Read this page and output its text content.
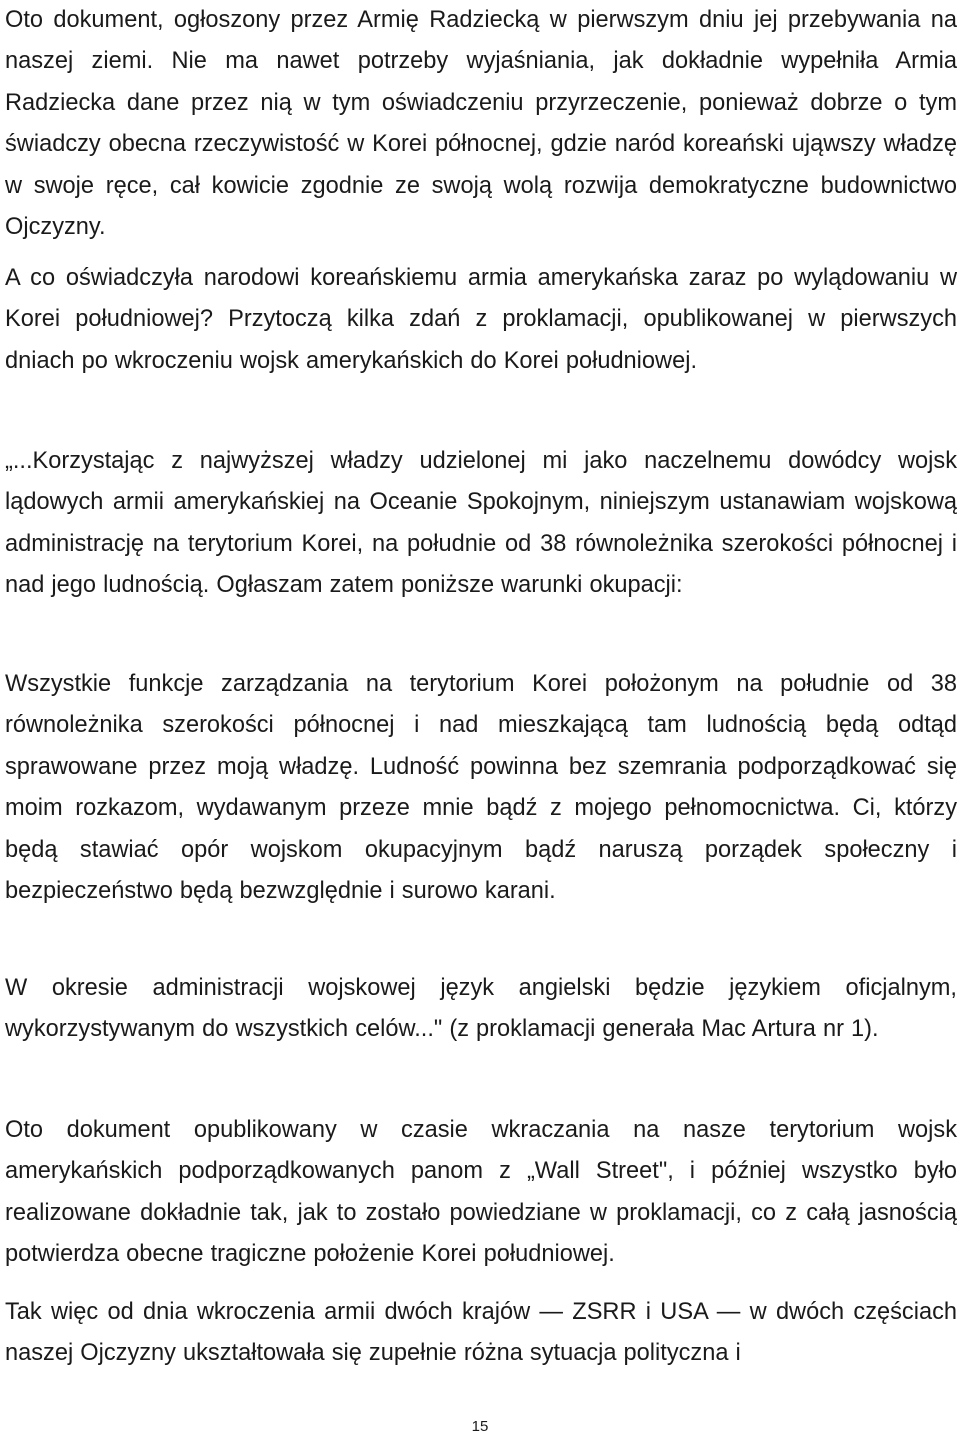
Oto dokument, ogłoszony przez Armię Radziecką w pierwszym dniu jej przebywania na naszej ziemi. Nie ma nawet potrzeby wyjaśniania, jak dokładnie wypełniła Armia Radziecka dane przez nią w tym oświadczeniu przyrzeczenie, ponieważ dobrze o tym świadczy obecna rzeczywistość w Korei północnej, gdzie naród koreański ująwszy władzę w swoje ręce, cał kowicie zgodnie ze swoją wolą rozwija demokratyczne budownictwo Ojczyzny.

A co oświadczyła narodowi koreańskiemu armia amerykańska zaraz po wylądowaniu w Korei południowej? Przytoczą kilka zdań z proklamacji, opublikowanej w pierwszych dniach po wkroczeniu wojsk amerykańskich do Korei południowej.

„...Korzystając z najwyższej władzy udzielonej mi jako naczelnemu dowódcy wojsk lądowych armii amerykańskiej na Oceanie Spokojnym, niniejszym ustanawiam wojskową administrację na terytorium Korei, na południe od 38 równoleżnika szerokości północnej i nad jego ludnością. Ogłaszam zatem poniższe warunki okupacji:

Wszystkie funkcje zarządzania na terytorium Korei położonym na południe od 38 równoleżnika szerokości północnej i nad mieszkającą tam ludnością będą odtąd sprawowane przez moją władzę. Ludność powinna bez szemrania podporządkować się moim rozkazom, wydawanym przeze mnie bądź z mojego pełnomocnictwa. Ci, którzy będą stawiać opór wojskom okupacyjnym bądź naruszą porządek społeczny i bezpieczeństwo będą bezwzględnie i surowo karani.

W okresie administracji wojskowej język angielski będzie językiem oficjalnym, wykorzystywanym do wszystkich celów..." (z proklamacji generała Mac Artura nr 1).

Oto dokument opublikowany w czasie wkraczania na nasze terytorium wojsk amerykańskich podporządkowanych panom z „Wall Street", i później wszystko było realizowane dokładnie tak, jak to zostało powiedziane w proklamacji, co z całą jasnością potwierdza obecne tragiczne położenie Korei południowej.

Tak więc od dnia wkroczenia armii dwóch krajów — ZSRR i USA — w dwóch częściach naszej Ojczyzny ukształtowała się zupełnie różna sytuacja polityczna i

15
